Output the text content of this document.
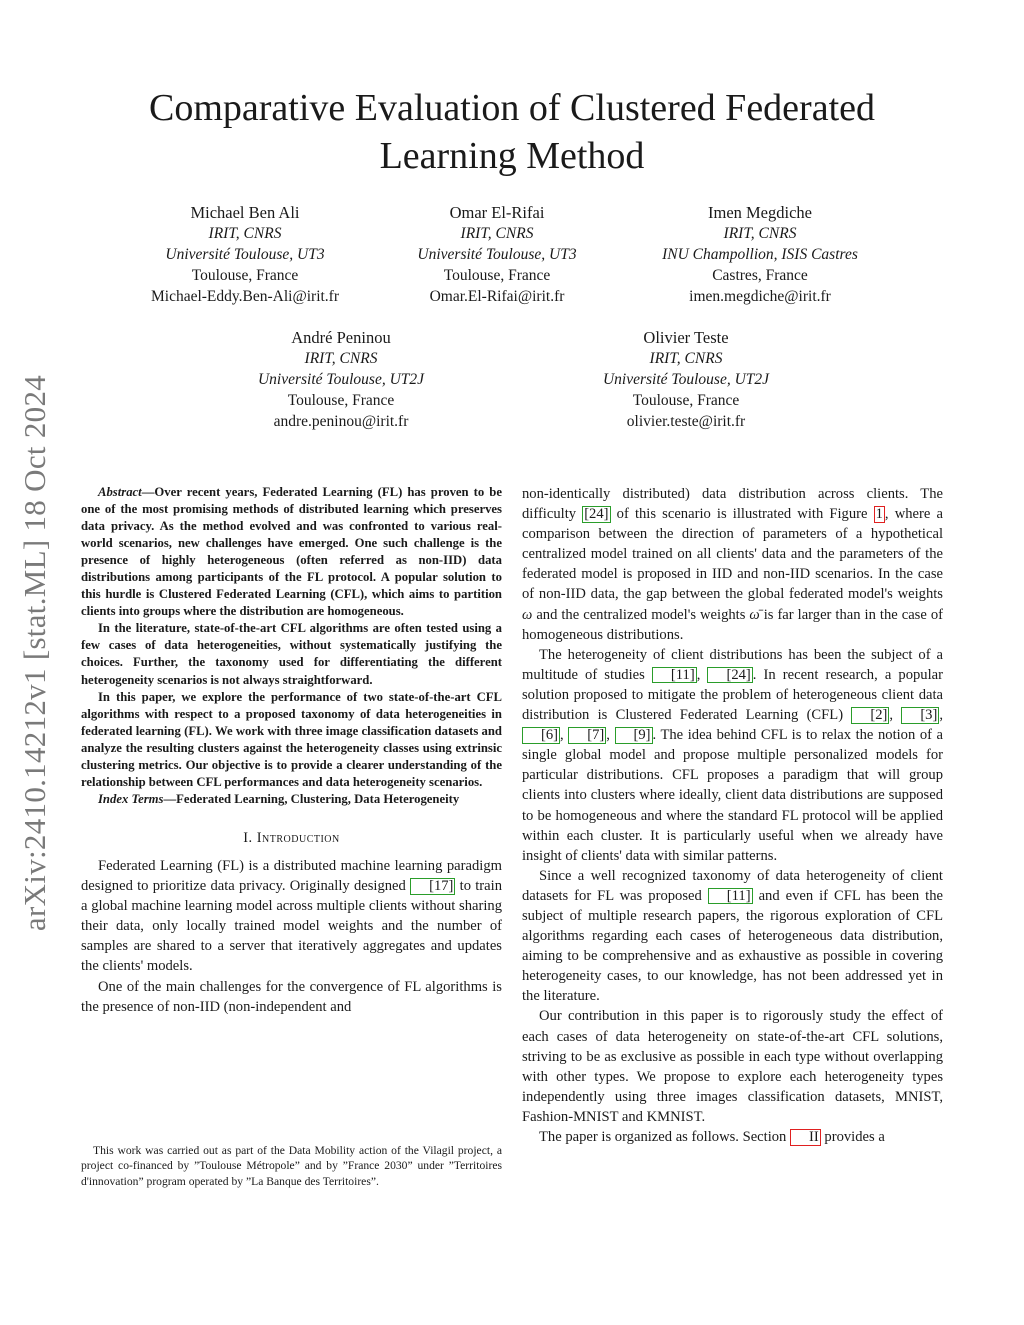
Comparative Evaluation of Clustered Federated
Learning Method
Michael Ben Ali
IRIT, CNRS
Université Toulouse, UT3
Toulouse, France
Michael-Eddy.Ben-Ali@irit.fr
Omar El-Rifai
IRIT, CNRS
Université Toulouse, UT3
Toulouse, France
Omar.El-Rifai@irit.fr
Imen Megdiche
IRIT, CNRS
INU Champollion, ISIS Castres
Castres, France
imen.megdiche@irit.fr
André Peninou
IRIT, CNRS
Université Toulouse, UT2J
Toulouse, France
andre.peninou@irit.fr
Olivier Teste
IRIT, CNRS
Université Toulouse, UT2J
Toulouse, France
olivier.teste@irit.fr
arXiv:2410.14212v1 [stat.ML] 18 Oct 2024	Abstract—Over recent years, Federated Learning (FL) has proven to be one of the most promising methods of distributed learning which preserves data privacy. As the method evolved and was confronted to various real-world scenarios, new challenges have emerged. One such challenge is the presence of highly heterogeneous (often referred as non-IID) data distributions among participants of the FL protocol. A popular solution to this hurdle is Clustered Federated Learning (CFL), which aims to partition clients into groups where the distribution are homogeneous.

In the literature, state-of-the-art CFL algorithms are often tested using a few cases of data heterogeneities, without systematically justifying the choices. Further, the taxonomy used for differentiating the different heterogeneity scenarios is not always straightforward.

In this paper, we explore the performance of two state-of-the-art CFL algorithms with respect to a proposed taxonomy of data heterogeneities in federated learning (FL). We work with three image classification datasets and analyze the resulting clusters against the heterogeneity classes using extrinsic clustering metrics. Our objective is to provide a clearer understanding of the relationship between CFL performances and data heterogeneity scenarios.

Index Terms—Federated Learning, Clustering, Data Heterogeneity

I. Introduction

Federated Learning (FL) is a distributed machine learning paradigm designed to prioritize data privacy. Originally designed [17] to train a global machine learning model across multiple clients without sharing their data, only locally trained model weights and the number of samples are shared to a server that iteratively aggregates and updates the clients' models.

One of the main challenges for the convergence of FL algorithms is the presence of non-IID (non-independent and

This work was carried out as part of the Data Mobility action of the Vilagil project, a project co-financed by ”Toulouse Métropole” and by ”France 2030” under ”Territoires d'innovation” program operated by ”La Banque des Territoires”.

non-identically distributed) data distribution across clients. The difficulty [24] of this scenario is illustrated with Figure 1 , where a comparison between the direction of parameters of a hypothetical centralized model trained on all clients' data and the parameters of the federated model is proposed in IID and non-IID scenarios. In the case of non-IID data, the gap between the global federated model's weights ω and the centralized model's weights ω̄ is far larger than in the case of homogeneous distributions.

The heterogeneity of client distributions has been the subject of a multitude of studies [11] , [24] . In recent research, a popular solution proposed to mitigate the problem of heterogeneous client data distribution is Clustered Federated Learning (CFL) [2] , [3] , [6] , [7] , [9] . The idea behind CFL is to relax the notion of a single global model and propose multiple personalized models for particular distributions. CFL proposes a paradigm that will group clients into clusters where ideally, client data distributions are supposed to be homogeneous and where the standard FL protocol will be applied within each cluster. It is particularly useful when we already have insight of clients' data with similar patterns.

Since a well recognized taxonomy of data heterogeneity of client datasets for FL was proposed [11] and even if CFL has been the subject of multiple research papers, the rigorous exploration of CFL algorithms regarding each cases of heterogeneous data distribution, aiming to be comprehensive and as exhaustive as possible in covering heterogeneity cases, to our knowledge, has not been addressed yet in the literature.

Our contribution in this paper is to rigorously study the effect of each cases of data heterogeneity on state-of-the-art CFL solutions, striving to be as exclusive as possible in each type without overlapping with other types. We propose to explore each heterogeneity types independently using three images classification datasets, MNIST, Fashion-MNIST and KMNIST.

The paper is organized as follows. Section II provides a
